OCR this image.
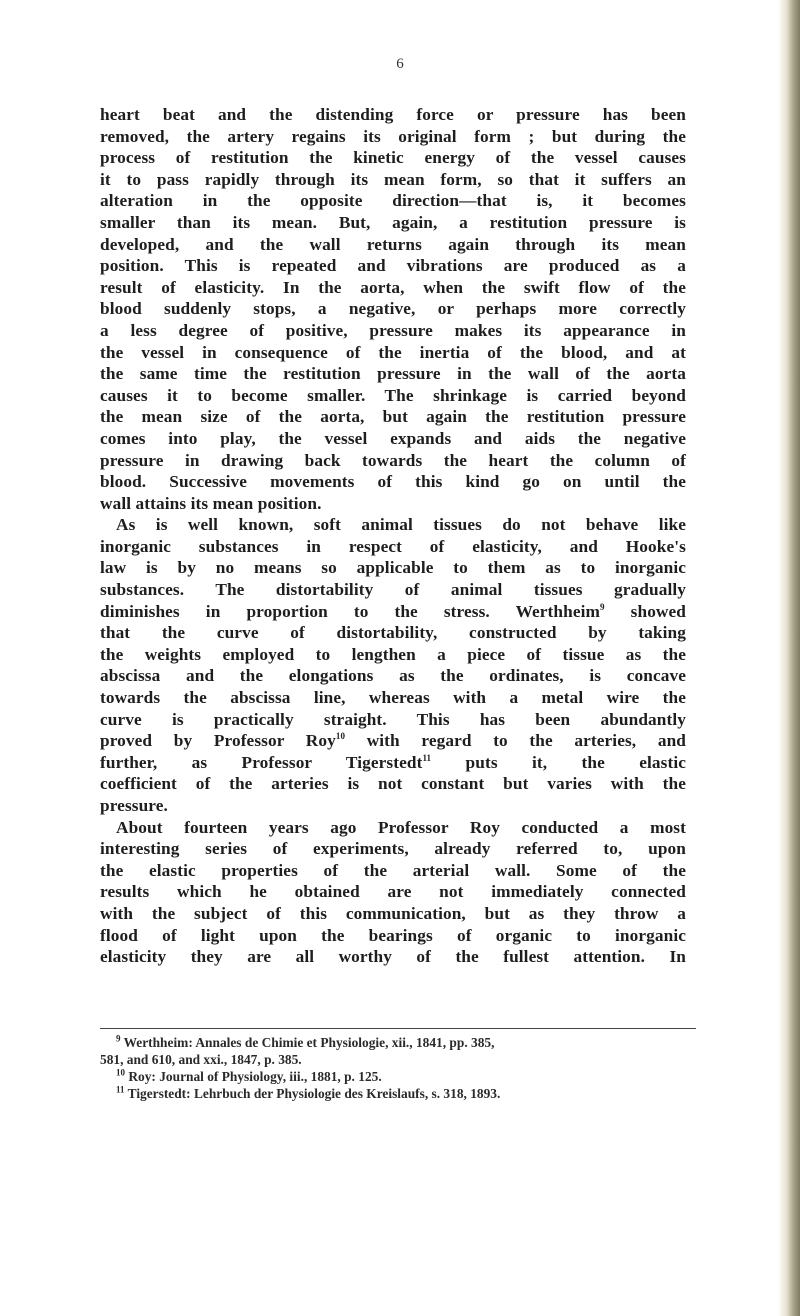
6
heart beat and the distending force or pressure has been
removed, the artery regains its original form ; but during the
process of restitution the kinetic energy of the vessel causes
it to pass rapidly through its mean form, so that it suffers an
alteration in the opposite direction—that is, it becomes
smaller than its mean. But, again, a restitution pressure is
developed, and the wall returns again through its mean
position. This is repeated and vibrations are produced as a
result of elasticity. In the aorta, when the swift flow of the
blood suddenly stops, a negative, or perhaps more correctly
a less degree of positive, pressure makes its appearance in
the vessel in consequence of the inertia of the blood, and at
the same time the restitution pressure in the wall of the aorta
causes it to become smaller. The shrinkage is carried beyond
the mean size of the aorta, but again the restitution pressure
comes into play, the vessel expands and aids the negative
pressure in drawing back towards the heart the column of
blood. Successive movements of this kind go on until the
wall attains its mean position.
As is well known, soft animal tissues do not behave like
inorganic substances in respect of elasticity, and Hooke's
law is by no means so applicable to them as to inorganic
substances. The distortability of animal tissues gradually
diminishes in proportion to the stress. Werthheim$^9$ showed
that the curve of distortability, constructed by taking
the weights employed to lengthen a piece of tissue as the
abscissa and the elongations as the ordinates, is concave
towards the abscissa line, whereas with a metal wire the
curve is practically straight. This has been abundantly
proved by Professor Roy$^{10}$ with regard to the arteries, and
further, as Professor Tigerstedt$^{11}$ puts it, the elastic
coefficient of the arteries is not constant but varies with the
pressure.
About fourteen years ago Professor Roy conducted a most
interesting series of experiments, already referred to, upon
the elastic properties of the arterial wall. Some of the
results which he obtained are not immediately connected
with the subject of this communication, but as they throw a
flood of light upon the bearings of organic to inorganic
elasticity they are all worthy of the fullest attention. In
$^9$ Werthheim: Annales de Chimie et Physiologie, xii., 1841, pp. 385,
581, and 610, and xxi., 1847, p. 385.
$^{10}$ Roy: Journal of Physiology, iii., 1881, p. 125.
$^{11}$ Tigerstedt: Lehrbuch der Physiologie des Kreislaufs, s. 318, 1893.
